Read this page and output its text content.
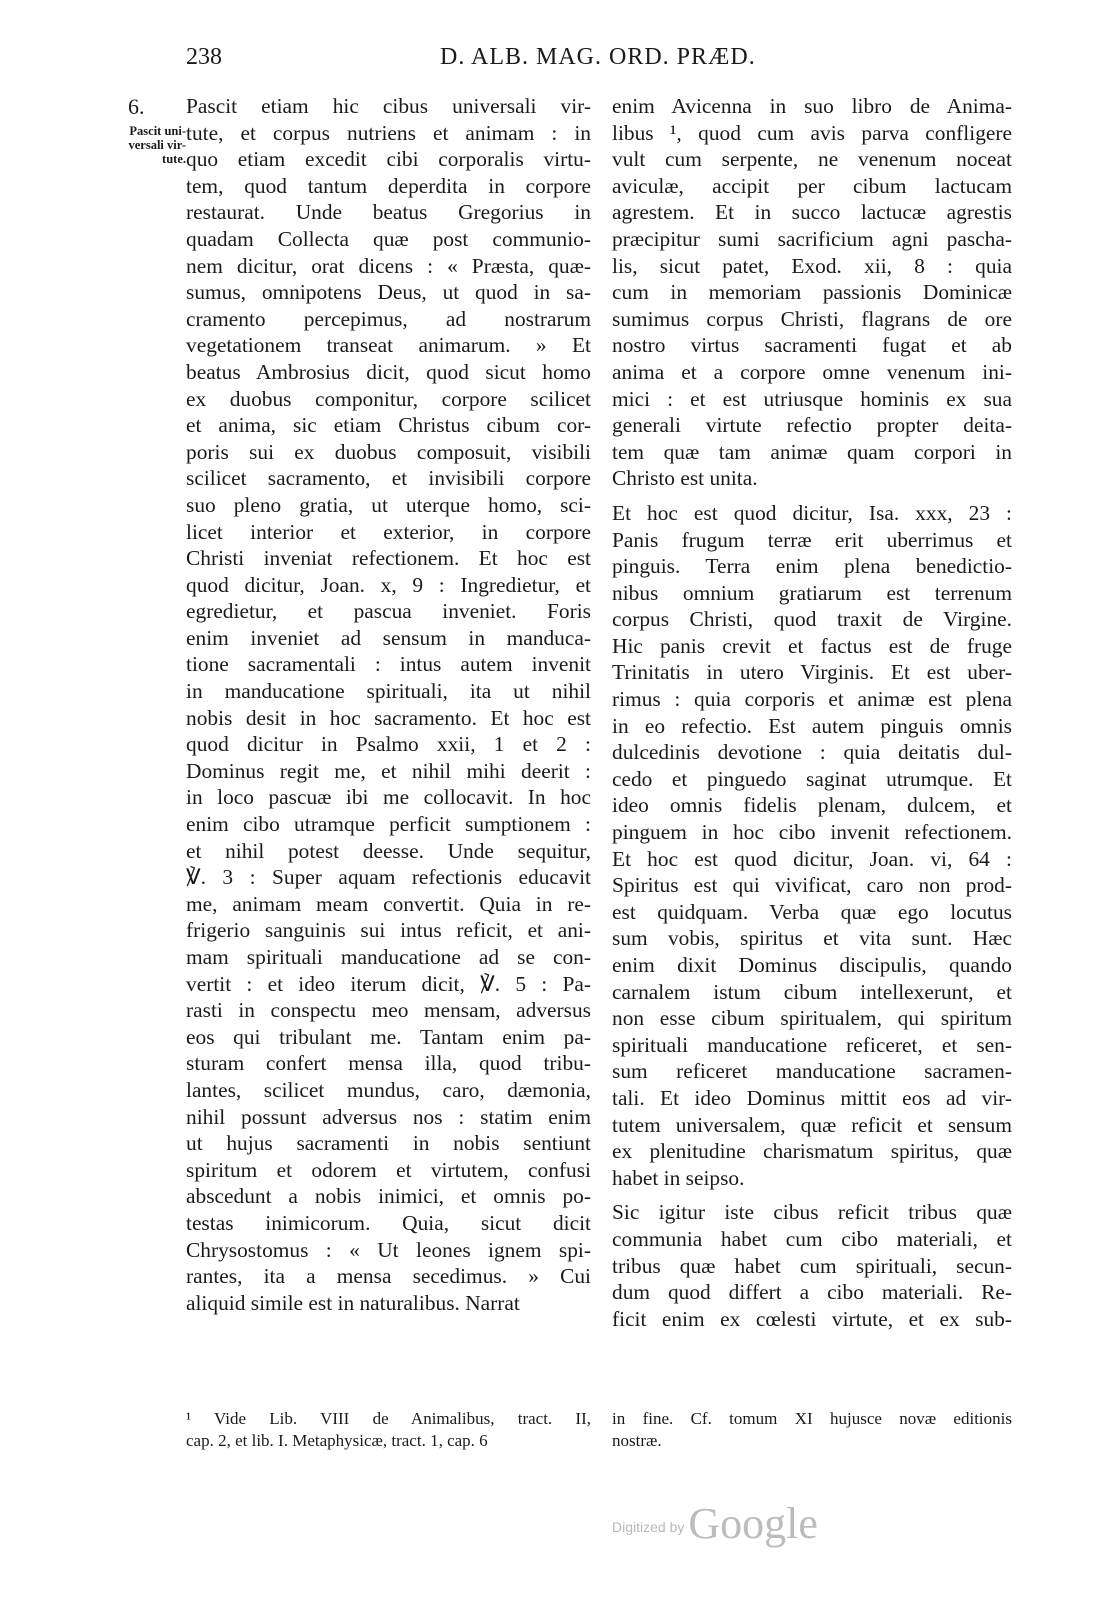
238	D. ALB. MAG. ORD. PRÆD.
6.
Pascit uni-
versali vir-
tute.
Pascit etiam hic cibus universali vir-
tute, et corpus nutriens et animam : in
quo etiam excedit cibi corporalis virtu-
tem, quod tantum deperdita in corpore
restaurat. Unde beatus Gregorius in
quadam Collecta quæ post communio-
nem dicitur, orat dicens : « Præsta, quæ-
sumus, omnipotens Deus, ut quod in sa-
cramento percepimus, ad nostrarum
vegetationem transeat animarum. » Et
beatus Ambrosius dicit, quod sicut homo
ex duobus componitur, corpore scilicet
et anima, sic etiam Christus cibum cor-
poris sui ex duobus composuit, visibili
scilicet sacramento, et invisibili corpore
suo pleno gratia, ut uterque homo, sci-
licet interior et exterior, in corpore
Christi inveniat refectionem. Et hoc est
quod dicitur, Joan. x, 9 : Ingredietur, et
egredietur, et pascua inveniet. Foris
enim inveniet ad sensum in manduca-
tione sacramentali : intus autem invenit
in manducatione spirituali, ita ut nihil
nobis desit in hoc sacramento. Et hoc est
quod dicitur in Psalmo xxii, 1 et 2 :
Dominus regit me, et nihil mihi deerit :
in loco pascuæ ibi me collocavit. In hoc
enim cibo utramque perficit sumptionem :
et nihil potest deesse. Unde sequitur,
℣. 3 : Super aquam refectionis educavit
me, animam meam convertit. Quia in re-
frigerio sanguinis sui intus reficit, et ani-
mam spirituali manducatione ad se con-
vertit : et ideo iterum dicit, ℣. 5 : Pa-
rasti in conspectu meo mensam, adversus
eos qui tribulant me. Tantam enim pa-
sturam confert mensa illa, quod tribu-
lantes, scilicet mundus, caro, dæmonia,
nihil possunt adversus nos : statim enim
ut hujus sacramenti in nobis sentiunt
spiritum et odorem et virtutem, confusi
abscedunt a nobis inimici, et omnis po-
testas inimicorum. Quia, sicut dicit
Chrysostomus : « Ut leones ignem spi-
rantes, ita a mensa secedimus. » Cui
aliquid simile est in naturalibus. Narrat
enim Avicenna in suo libro de Anima-
libus ¹, quod cum avis parva confligere
vult cum serpente, ne venenum noceat
aviculæ, accipit per cibum lactucam
agrestem. Et in succo lactucæ agrestis
præcipitur sumi sacrificium agni pascha-
lis, sicut patet, Exod. xii, 8 : quia
cum in memoriam passionis Dominicæ
sumimus corpus Christi, flagrans de ore
nostro virtus sacramenti fugat et ab
anima et a corpore omne venenum ini-
mici : et est utriusque hominis ex sua
generali virtute refectio propter deita-
tem quæ tam animæ quam corpori in
Christo est unita.
Et hoc est quod dicitur, Isa. xxx, 23 :
Panis frugum terræ erit uberrimus et
pinguis. Terra enim plena benedictio-
nibus omnium gratiarum est terrenum
corpus Christi, quod traxit de Virgine.
Hic panis crevit et factus est de fruge
Trinitatis in utero Virginis. Et est uber-
rimus : quia corporis et animæ est plena
in eo refectio. Est autem pinguis omnis
dulcedinis devotione : quia deitatis dul-
cedo et pinguedo saginat utrumque. Et
ideo omnis fidelis plenam, dulcem, et
pinguem in hoc cibo invenit refectionem.
Et hoc est quod dicitur, Joan. vi, 64 :
Spiritus est qui vivificat, caro non prod-
est quidquam. Verba quæ ego locutus
sum vobis, spiritus et vita sunt. Hæc
enim dixit Dominus discipulis, quando
carnalem istum cibum intellexerunt, et
non esse cibum spiritualem, qui spiritum
spirituali manducatione reficeret, et sen-
sum reficeret manducatione sacramen-
tali. Et ideo Dominus mittit eos ad vir-
tutem universalem, quæ reficit et sensum
ex plenitudine charismatum spiritus, quæ
habet in seipso.
Sic igitur iste cibus reficit tribus quæ
communia habet cum cibo materiali, et
tribus quæ habet cum spirituali, secun-
dum quod differt a cibo materiali. Re-
ficit enim ex cœlesti virtute, et ex sub-
¹ Vide Lib. VIII de Animalibus, tract. II,
cap. 2, et lib. I. Metaphysicæ, tract. 1, cap. 6
in fine. Cf. tomum XI hujusce novæ editionis
nostræ.
Digitized by Google
